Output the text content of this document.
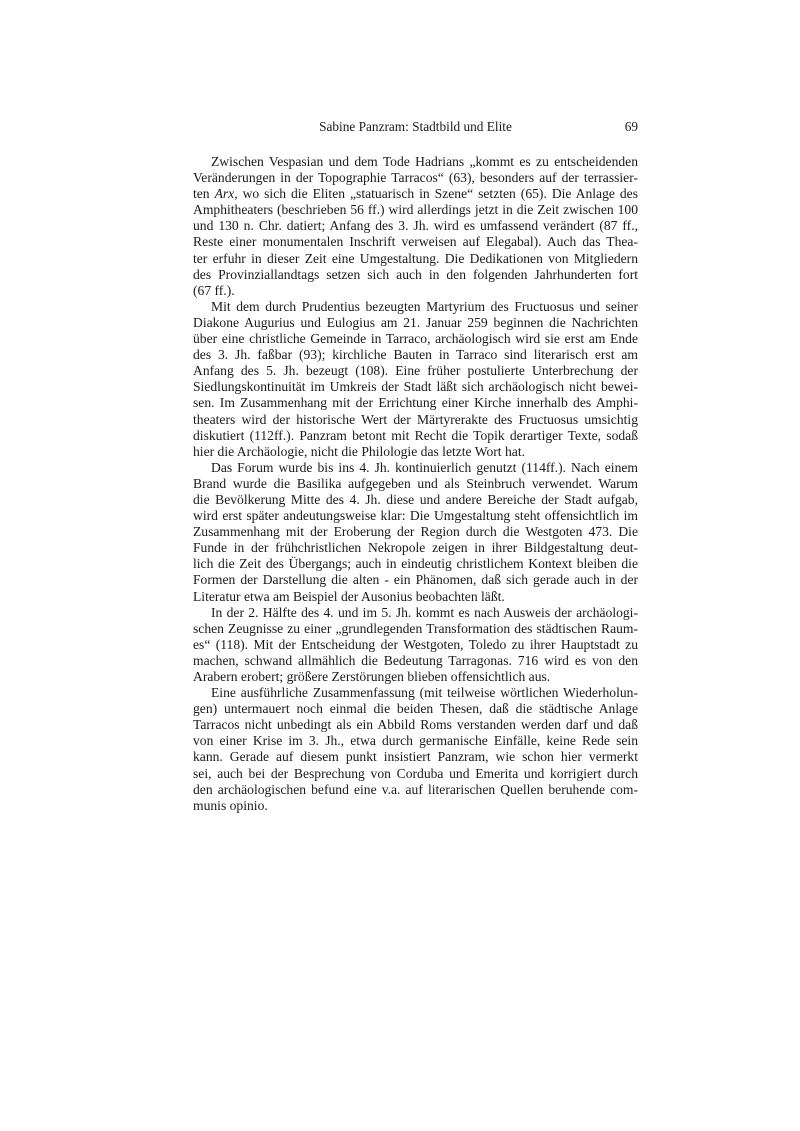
Sabine Panzram: Stadtbild und Elite	69
Zwischen Vespasian und dem Tode Hadrians „kommt es zu entscheidenden
Veränderungen in der Topographie Tarracos“ (63), besonders auf der terrassier-
ten Arx, wo sich die Eliten „statuarisch in Szene“ setzten (65). Die Anlage des
Amphitheaters (beschrieben 56 ff.) wird allerdings jetzt in die Zeit zwischen 100
und 130 n. Chr. datiert; Anfang des 3. Jh. wird es umfassend verändert (87 ff.,
Reste einer monumentalen Inschrift verweisen auf Elegabal). Auch das Thea-
ter erfuhr in dieser Zeit eine Umgestaltung. Die Dedikationen von Mitgliedern
des Provinziallandtags setzen sich auch in den folgenden Jahrhunderten fort
(67 ff.).
Mit dem durch Prudentius bezeugten Martyrium des Fructuosus und seiner
Diakone Augurius und Eulogius am 21. Januar 259 beginnen die Nachrichten
über eine christliche Gemeinde in Tarraco, archäologisch wird sie erst am Ende
des 3. Jh. faßbar (93); kirchliche Bauten in Tarraco sind literarisch erst am
Anfang des 5. Jh. bezeugt (108). Eine früher postulierte Unterbrechung der
Siedlungskontinuität im Umkreis der Stadt läßt sich archäologisch nicht bewei-
sen. Im Zusammenhang mit der Errichtung einer Kirche innerhalb des Amphi-
theaters wird der historische Wert der Märtyrerakte des Fructuosus umsichtig
diskutiert (112ff.). Panzram betont mit Recht die Topik derartiger Texte, sodaß
hier die Archäologie, nicht die Philologie das letzte Wort hat.
Das Forum wurde bis ins 4. Jh. kontinuierlich genutzt (114ff.). Nach einem
Brand wurde die Basilika aufgegeben und als Steinbruch verwendet. Warum
die Bevölkerung Mitte des 4. Jh. diese und andere Bereiche der Stadt aufgab,
wird erst später andeutungsweise klar: Die Umgestaltung steht offensichtlich im
Zusammenhang mit der Eroberung der Region durch die Westgoten 473. Die
Funde in der frühchristlichen Nekropole zeigen in ihrer Bildgestaltung deut-
lich die Zeit des Übergangs; auch in eindeutig christlichem Kontext bleiben die
Formen der Darstellung die alten - ein Phänomen, daß sich gerade auch in der
Literatur etwa am Beispiel der Ausonius beobachten läßt.
In der 2. Hälfte des 4. und im 5. Jh. kommt es nach Ausweis der archäologi-
schen Zeugnisse zu einer „grundlegenden Transformation des städtischen Raum-
es“ (118). Mit der Entscheidung der Westgoten, Toledo zu ihrer Hauptstadt zu
machen, schwand allmählich die Bedeutung Tarragonas. 716 wird es von den
Arabern erobert; größere Zerstörungen blieben offensichtlich aus.
Eine ausführliche Zusammenfassung (mit teilweise wörtlichen Wiederholun-
gen) untermauert noch einmal die beiden Thesen, daß die städtische Anlage
Tarracos nicht unbedingt als ein Abbild Roms verstanden werden darf und daß
von einer Krise im 3. Jh., etwa durch germanische Einfälle, keine Rede sein
kann. Gerade auf diesem punkt insistiert Panzram, wie schon hier vermerkt
sei, auch bei der Besprechung von Corduba und Emerita und korrigiert durch
den archäologischen befund eine v.a. auf literarischen Quellen beruhende com-
munis opinio.
